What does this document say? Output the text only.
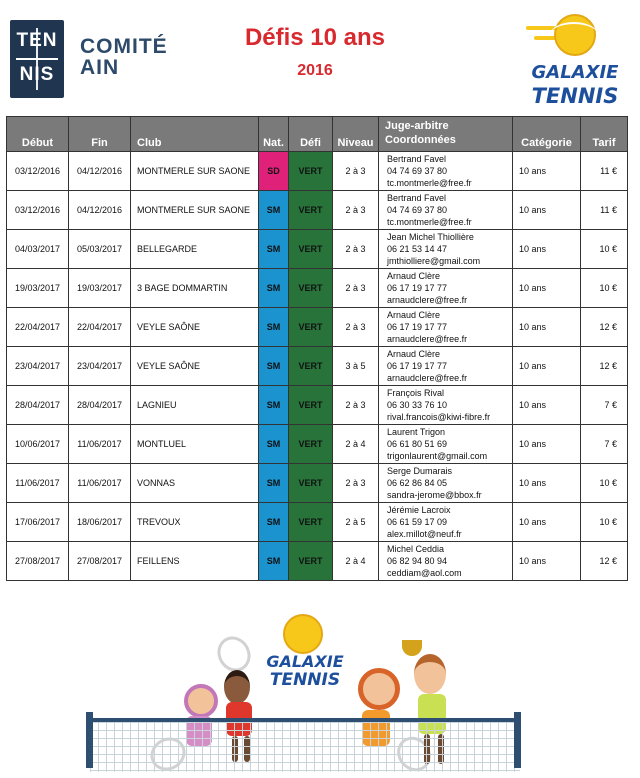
TEN
NIS
COMITÉ
AIN
Défis 10 ans
2016	GALAXIE
TENNIS
Début	Fin	Club	Nat.	Défi	Niveau	Juge-arbitre
Coordonnées	Catégorie	Tarif
03/12/2016	04/12/2016	MONTMERLE SUR SAONE	SD	VERT	2 à 3	Bertrand Favel
04 74 69 37 80
tc.montmerle@free.fr	10 ans	11 €
03/12/2016	04/12/2016	MONTMERLE SUR SAONE	SM	VERT	2 à 3	Bertrand Favel
04 74 69 37 80
tc.montmerle@free.fr	10 ans	11 €
04/03/2017	05/03/2017	BELLEGARDE	SM	VERT	2 à 3	Jean Michel Thiollière
06 21 53 14 47
jmthiolliere@gmail.com	10 ans	10 €
19/03/2017	19/03/2017	3 BAGE DOMMARTIN	SM	VERT	2 à 3	Arnaud Clère
06 17 19 17 77
arnaudclere@free.fr	10 ans	10 €
22/04/2017	22/04/2017	VEYLE SAÔNE	SM	VERT	2 à 3	Arnaud Clère
06 17 19 17 77
arnaudclere@free.fr	10 ans	12 €
23/04/2017	23/04/2017	VEYLE SAÔNE	SM	VERT	3 à 5	Arnaud Clère
06 17 19 17 77
arnaudclere@free.fr	10 ans	12 €
28/04/2017	28/04/2017	LAGNIEU	SM	VERT	2 à 3	François Rival
06 30 33 76 10
rival.francois@kiwi-fibre.fr	10 ans	7 €
10/06/2017	11/06/2017	MONTLUEL	SM	VERT	2 à 4	Laurent Trigon
06 61 80 51 69
trigonlaurent@gmail.com	10 ans	7 €
11/06/2017	11/06/2017	VONNAS	SM	VERT	2 à 3	Serge Dumarais
06 62 86 84 05
sandra-jerome@bbox.fr	10 ans	10 €
17/06/2017	18/06/2017	TREVOUX	SM	VERT	2 à 5	Jérémie Lacroix
06 61 59 17 09
alex.millot@neuf.fr	10 ans	10 €
27/08/2017	27/08/2017	FEILLENS	SM	VERT	2 à 4	Michel Ceddia
06 82 94 80 94
ceddiam@aol.com	10 ans	12 €
GALAXIE
TENNIS
